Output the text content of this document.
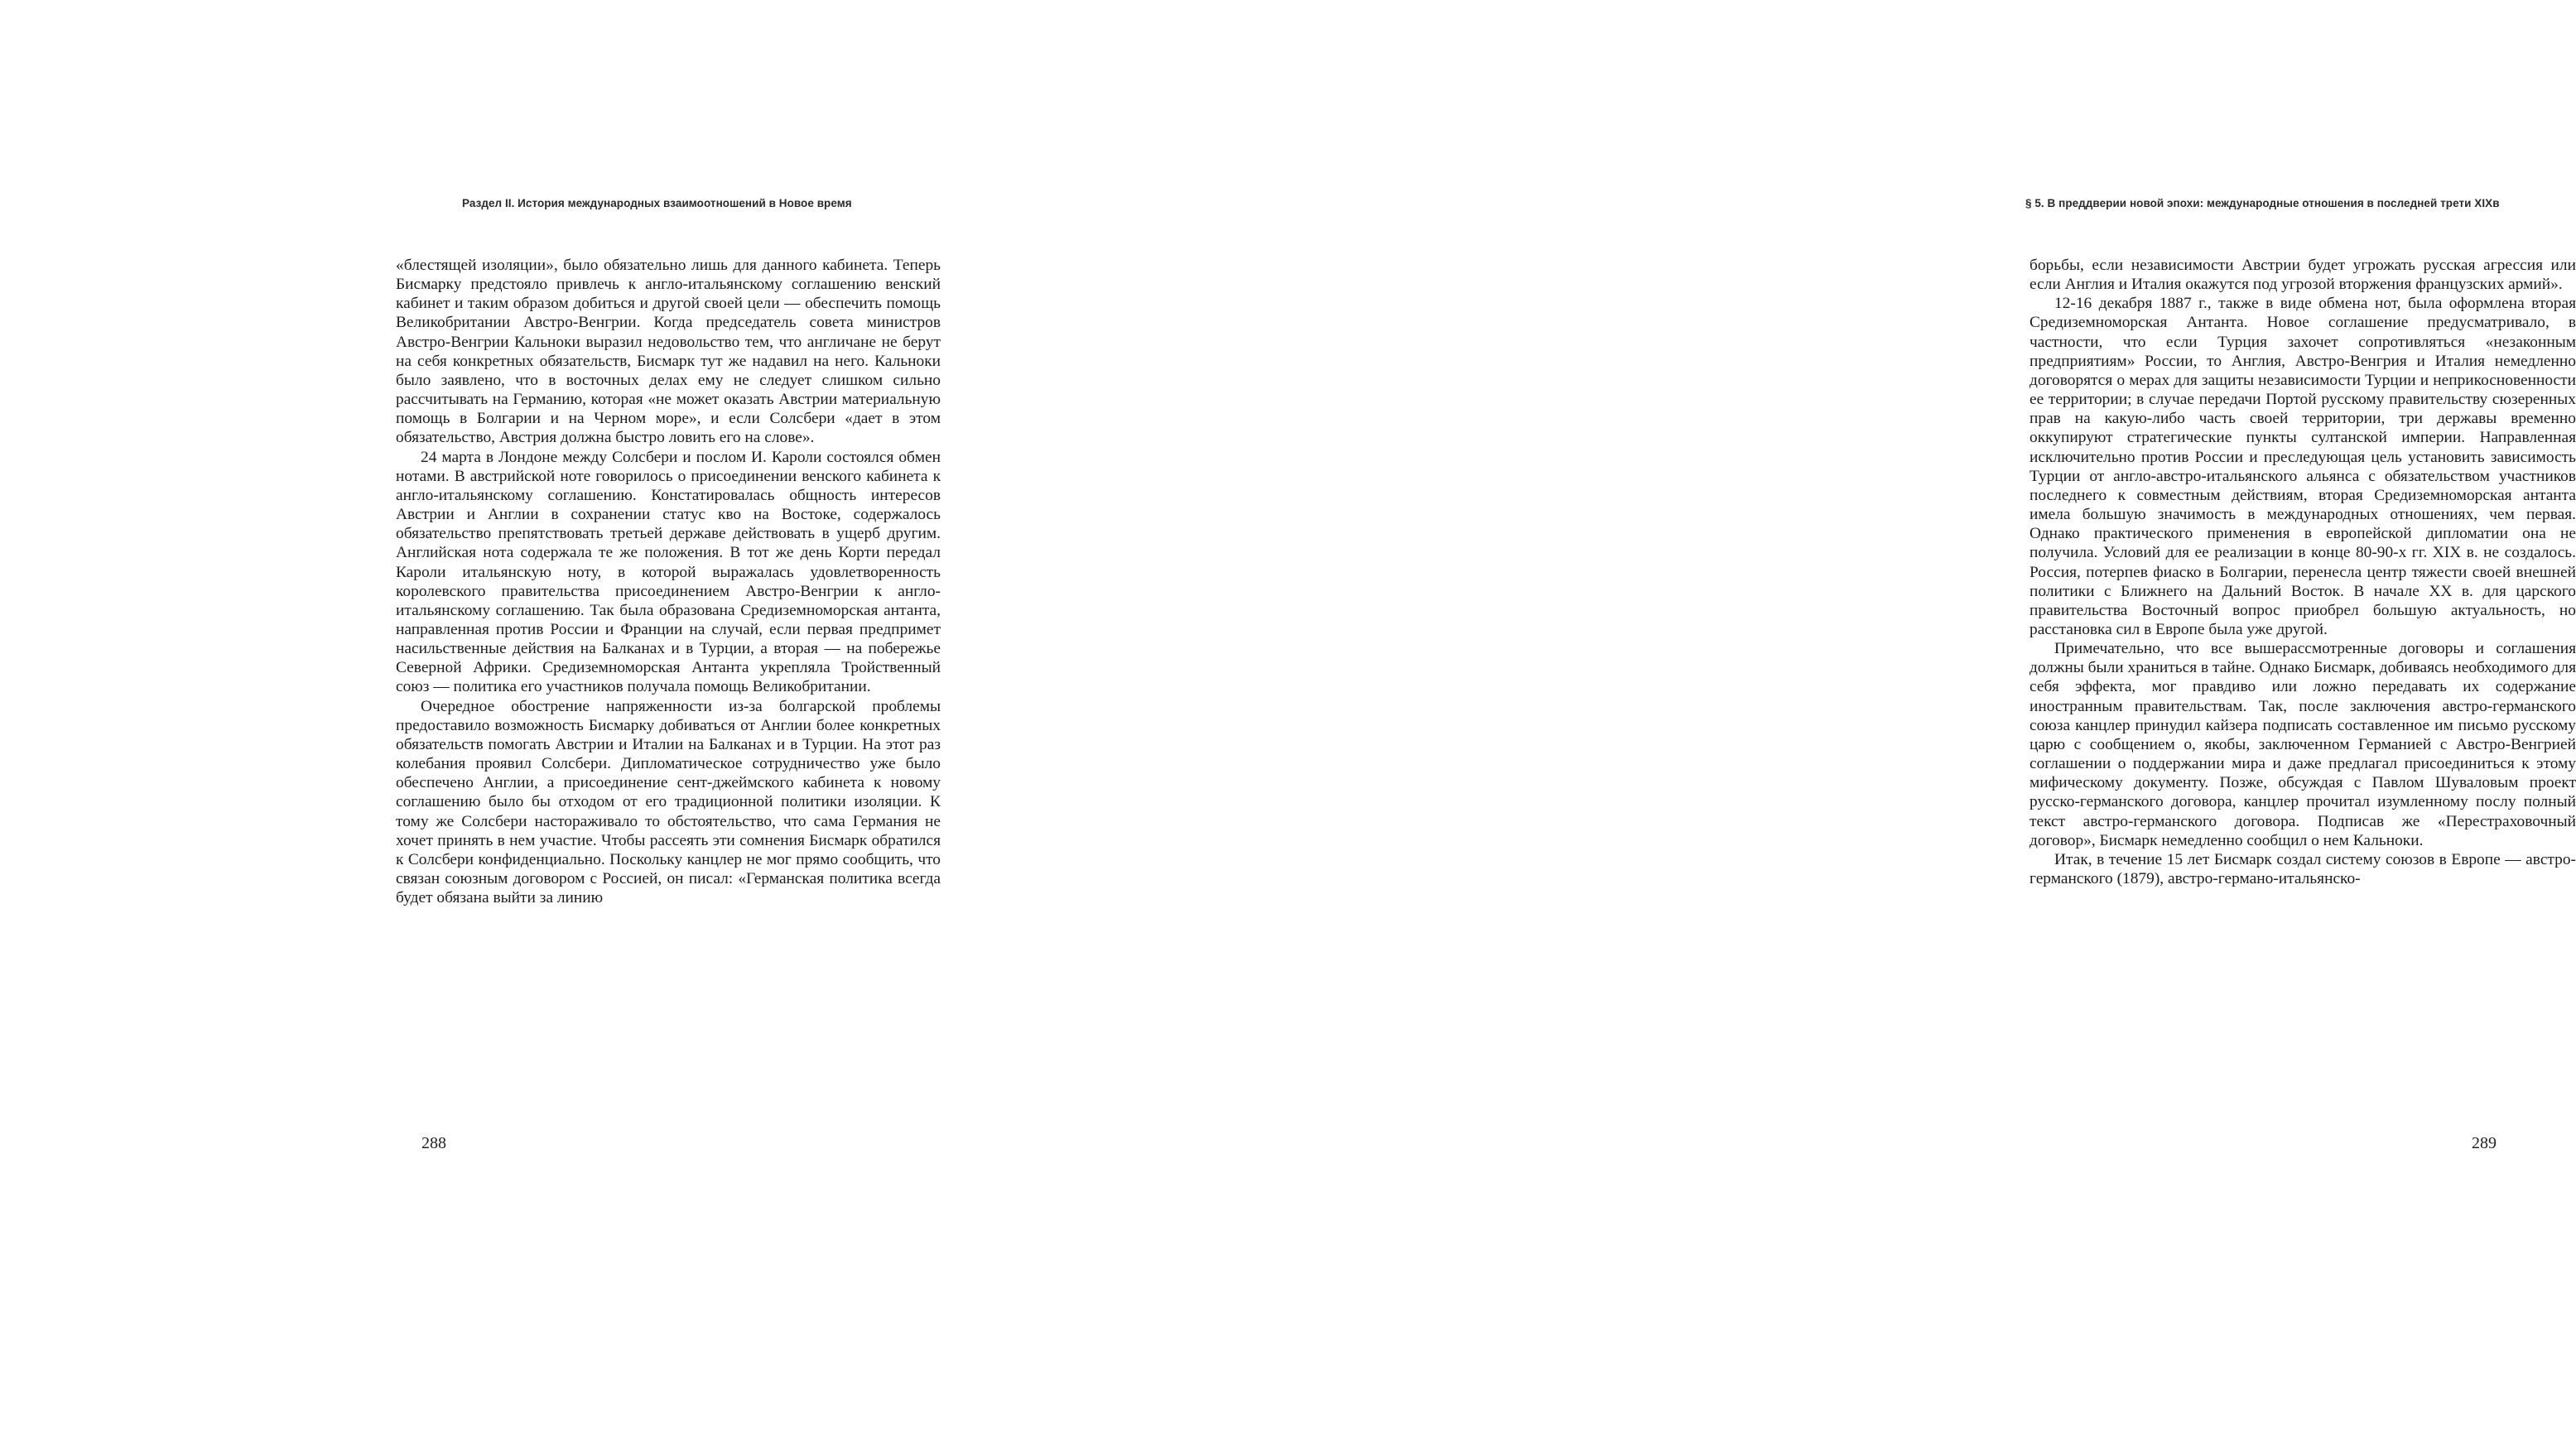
Раздел II. История международных взаимоотношений в Новое время

«блестящей изоляции», было обязательно лишь для данного кабинета. Теперь Бисмарку предстояло привлечь к англо-итальянскому соглашению венский кабинет и таким образом добиться и другой своей цели — обеспечить помощь Великобритании Австро-Венгрии. Когда председатель совета министров Австро-Венгрии Кальноки выразил недовольство тем, что англичане не берут на себя конкретных обязательств, Бисмарк тут же надавил на него. Кальноки было заявлено, что в восточных делах ему не следует слишком сильно рассчитывать на Германию, которая «не может оказать Австрии материальную помощь в Болгарии и на Черном море», и если Солсбери «дает в этом обязательство, Австрия должна быстро ловить его на слове».

24 марта в Лондоне между Солсбери и послом И. Кароли состоялся обмен нотами. В австрийской ноте говорилось о присоединении венского кабинета к англо-итальянскому соглашению. Констатировалась общность интересов Австрии и Англии в сохранении статус кво на Востоке, содержалось обязательство препятствовать третьей державе действовать в ущерб другим. Английская нота содержала те же положения. В тот же день Корти передал Кароли итальянскую ноту, в которой выражалась удовлетворенность королевского правительства присоединением Австро-Венгрии к англо-итальянскому соглашению. Так была образована Средиземноморская антанта, направленная против России и Франции на случай, если первая предпримет насильственные действия на Балканах и в Турции, а вторая — на побережье Северной Африки. Средиземноморская Антанта укрепляла Тройственный союз — политика его участников получала помощь Великобритании.

Очередное обострение напряженности из-за болгарской проблемы предоставило возможность Бисмарку добиваться от Англии более конкретных обязательств помогать Австрии и Италии на Балканах и в Турции. На этот раз колебания проявил Солсбери. Дипломатическое сотрудничество уже было обеспечено Англии, а присоединение сент-джеймского кабинета к новому соглашению было бы отходом от его традиционной политики изоляции. К тому же Солсбери настораживало то обстоятельство, что сама Германия не хочет принять в нем участие. Чтобы рассеять эти сомнения Бисмарк обратился к Солсбери конфиденциально. Поскольку канцлер не мог прямо сообщить, что связан союзным договором с Россией, он писал: «Германская политика всегда будет обязана выйти за линию

288
§ 5. В преддверии новой эпохи: международные отношения в последней трети XIXв

борьбы, если независимости Австрии будет угрожать русская агрессия или если Англия и Италия окажутся под угрозой вторжения французских армий».

12-16 декабря 1887 г., также в виде обмена нот, была оформлена вторая Средиземноморская Антанта. Новое соглашение предусматривало, в частности, что если Турция захочет сопротивляться «незаконным предприятиям» России, то Англия, Австро-Венгрия и Италия немедленно договорятся о мерах для защиты независимости Турции и неприкосновенности ее территории; в случае передачи Портой русскому правительству сюзеренных прав на какую-либо часть своей территории, три державы временно оккупируют стратегические пункты султанской империи. Направленная исключительно против России и преследующая цель установить зависимость Турции от англо-австро-итальянского альянса с обязательством участников последнего к совместным действиям, вторая Средиземноморская антанта имела большую значимость в международных отношениях, чем первая. Однако практического применения в европейской дипломатии она не получила. Условий для ее реализации в конце 80-90-х гг. XIX в. не создалось. Россия, потерпев фиаско в Болгарии, перенесла центр тяжести своей внешней политики с Ближнего на Дальний Восток. В начале XX в. для царского правительства Восточный вопрос приобрел большую актуальность, но расстановка сил в Европе была уже другой.

Примечательно, что все вышерассмотренные договоры и соглашения должны были храниться в тайне. Однако Бисмарк, добиваясь необходимого для себя эффекта, мог правдиво или ложно передавать их содержание иностранным правительствам. Так, после заключения австро-германского союза канцлер принудил кайзера подписать составленное им письмо русскому царю с сообщением о, якобы, заключенном Германией с Австро-Венгрией соглашении о поддержании мира и даже предлагал присоединиться к этому мифическому документу. Позже, обсуждая с Павлом Шуваловым проект русско-германского договора, канцлер прочитал изумленному послу полный текст австро-германского договора. Подписав же «Перестраховочный договор», Бисмарк немедленно сообщил о нем Кальноки.

Итак, в течение 15 лет Бисмарк создал систему союзов в Европе — австро-германского (1879), австро-германо-итальянско-

289
